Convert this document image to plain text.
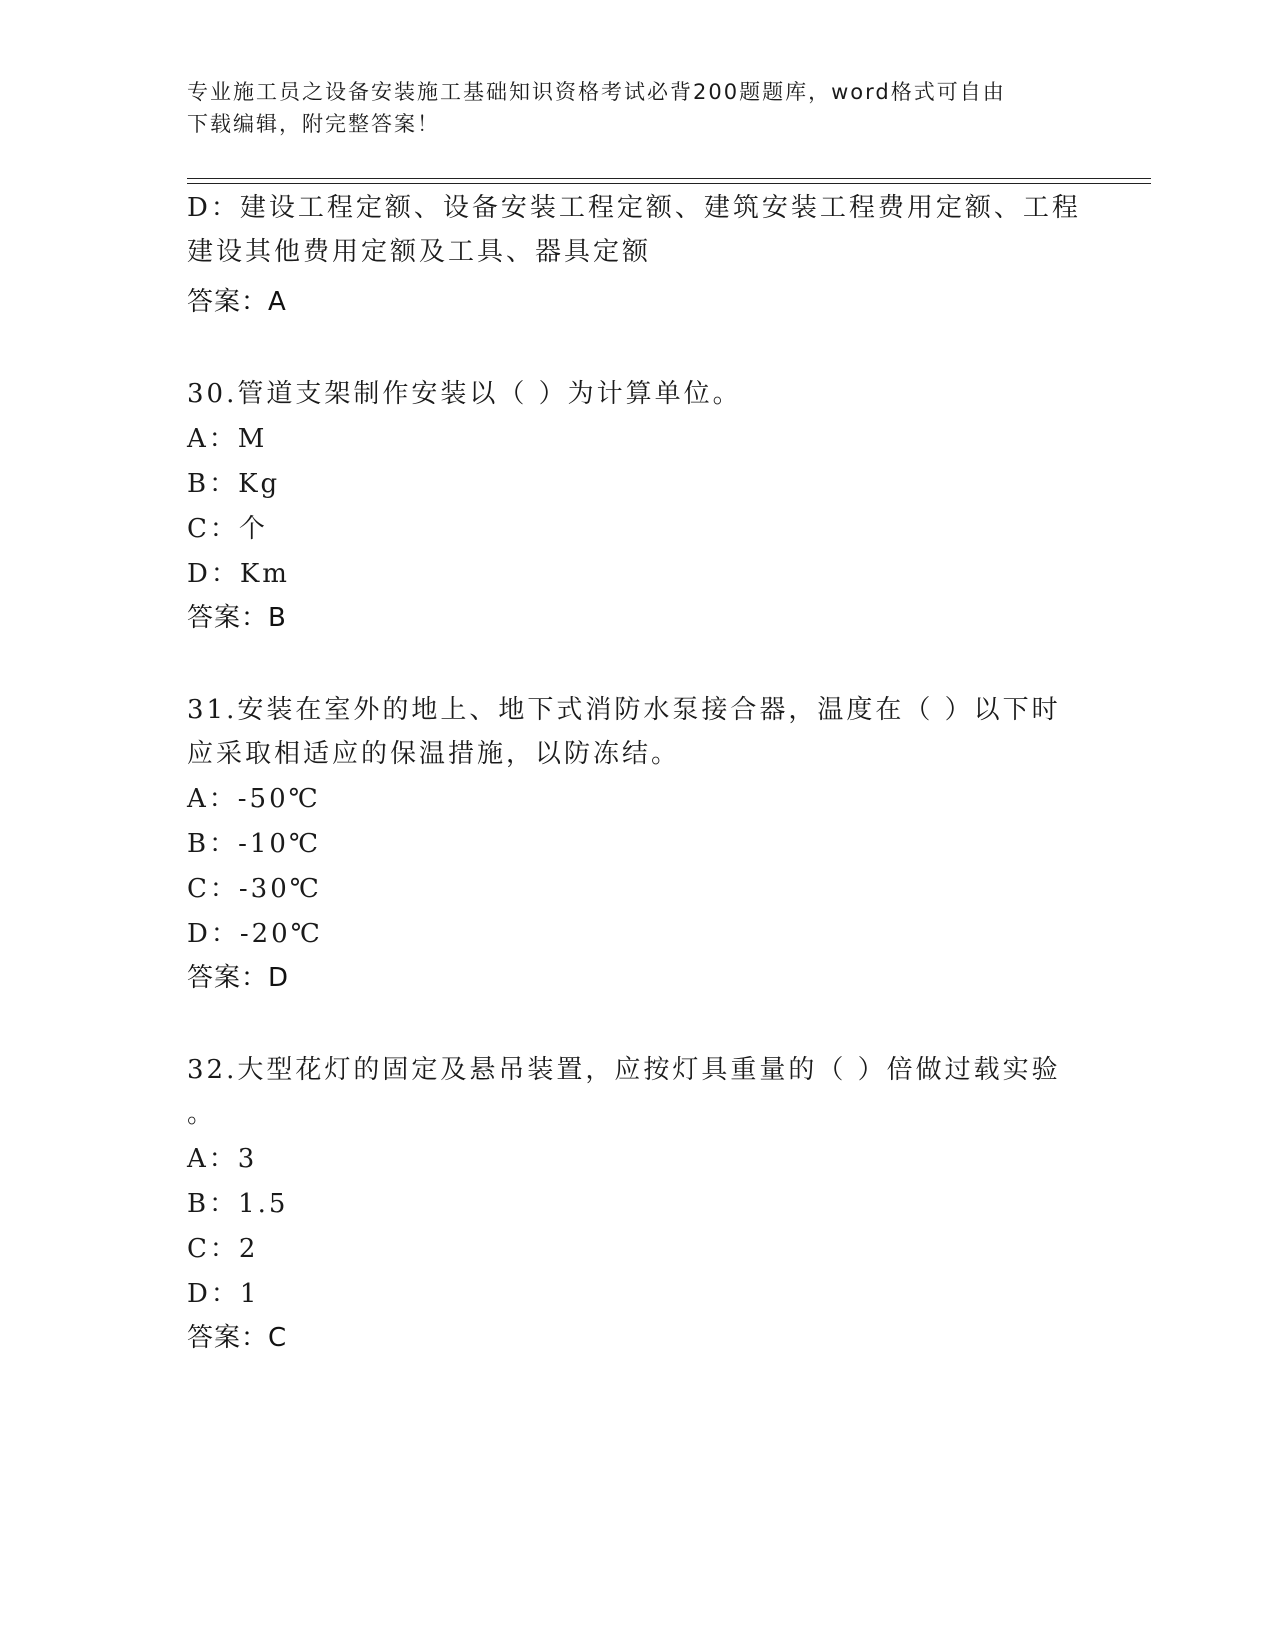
专业施工员之设备安装施工基础知识资格考试必背200题题库，word格式可自由
下载编辑，附完整答案！
D：建设工程定额、设备安装工程定额、建筑安装工程费用定额、工程
建设其他费用定额及工具、器具定额
答案：A
30.管道支架制作安装以（ ）为计算单位。
A：M
B：Kg
C：个
D：Km
答案：B
31.安装在室外的地上、地下式消防水泵接合器，温度在（ ）以下时
应采取相适应的保温措施，以防冻结。
A：-50℃
B：-10℃
C：-30℃
D：-20℃
答案：D
32.大型花灯的固定及悬吊装置，应按灯具重量的（ ）倍做过载实验
。
A：3
B：1.5
C：2
D：1
答案：C
